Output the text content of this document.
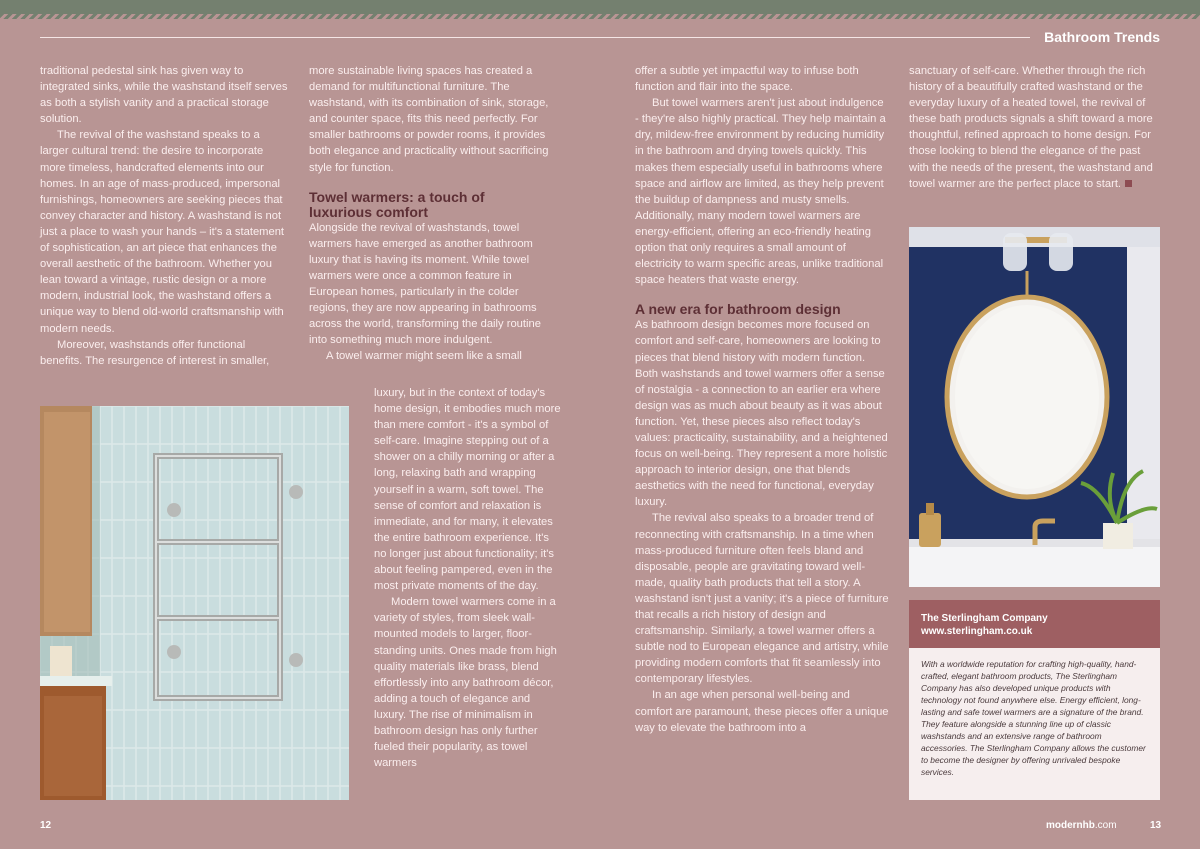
Bathroom Trends

traditional pedestal sink has given way to integrated sinks, while the washstand itself serves as both a stylish vanity and a practical storage solution.

The revival of the washstand speaks to a larger cultural trend: the desire to incorporate more timeless, handcrafted elements into our homes. In an age of mass-produced, impersonal furnishings, homeowners are seeking pieces that convey character and history. A washstand is not just a place to wash your hands – it's a statement of sophistication, an art piece that enhances the overall aesthetic of the bathroom. Whether you lean toward a vintage, rustic design or a more modern, industrial look, the washstand offers a unique way to blend old-world craftsmanship with modern needs.

Moreover, washstands offer functional benefits. The resurgence of interest in smaller,

more sustainable living spaces has created a demand for multifunctional furniture. The washstand, with its combination of sink, storage, and counter space, fits this need perfectly. For smaller bathrooms or powder rooms, it provides both elegance and practicality without sacrificing style for function.

Towel warmers: a touch of luxurious comfort

Alongside the revival of washstands, towel warmers have emerged as another bathroom luxury that is having its moment. While towel warmers were once a common feature in European homes, particularly in the colder regions, they are now appearing in bathrooms across the world, transforming the daily routine into something much more indulgent.

A towel warmer might seem like a small

luxury, but in the context of today's home design, it embodies much more than mere comfort - it's a symbol of self-care. Imagine stepping out of a shower on a chilly morning or after a long, relaxing bath and wrapping yourself in a warm, soft towel. The sense of comfort and relaxation is immediate, and for many, it elevates the entire bathroom experience. It's no longer just about functionality; it's about feeling pampered, even in the most private moments of the day.

Modern towel warmers come in a variety of styles, from sleek wall-mounted models to larger, floor-standing units. Ones made from high quality materials like brass, blend effortlessly into any bathroom décor, adding a touch of elegance and luxury. The rise of minimalism in bathroom design has only further fueled their popularity, as towel warmers

offer a subtle yet impactful way to infuse both function and flair into the space.

But towel warmers aren't just about indulgence - they're also highly practical. They help maintain a dry, mildew-free environment by reducing humidity in the bathroom and drying towels quickly. This makes them especially useful in bathrooms where space and airflow are limited, as they help prevent the buildup of dampness and musty smells. Additionally, many modern towel warmers are energy-efficient, offering an eco-friendly heating option that only requires a small amount of electricity to warm specific areas, unlike traditional space heaters that waste energy.

A new era for bathroom design

As bathroom design becomes more focused on comfort and self-care, homeowners are looking to pieces that blend history with modern function. Both washstands and towel warmers offer a sense of nostalgia - a connection to an earlier era where design was as much about beauty as it was about function. Yet, these pieces also reflect today's values: practicality, sustainability, and a heightened focus on well-being. They represent a more holistic approach to interior design, one that blends aesthetics with the need for functional, everyday luxury.

The revival also speaks to a broader trend of reconnecting with craftsmanship. In a time when mass-produced furniture often feels bland and disposable, people are gravitating toward well-made, quality bath products that tell a story. A washstand isn't just a vanity; it's a piece of furniture that recalls a rich history of design and craftsmanship. Similarly, a towel warmer offers a subtle nod to European elegance and artistry, while providing modern comforts that fit seamlessly into contemporary lifestyles.

In an age when personal well-being and comfort are paramount, these pieces offer a unique way to elevate the bathroom into a

sanctuary of self-care. Whether through the rich history of a beautifully crafted washstand or the everyday luxury of a heated towel, the revival of these bath products signals a shift toward a more thoughtful, refined approach to home design. For those looking to blend the elegance of the past with the needs of the present, the washstand and towel warmer are the perfect place to start.

The Sterlingham Company
www.sterlingham.co.uk
With a worldwide reputation for crafting high-quality, hand-crafted, elegant bathroom products, The Sterlingham Company has also developed unique products with technology not found anywhere else. Energy efficient, long-lasting and safe towel warmers are a signature of the brand. They feature alongside a stunning line up of classic washstands and an extensive range of bathroom accessories. The Sterlingham Company allows the customer to become the designer by offering unrivaled bespoke services.
12	modernhb.com	13
